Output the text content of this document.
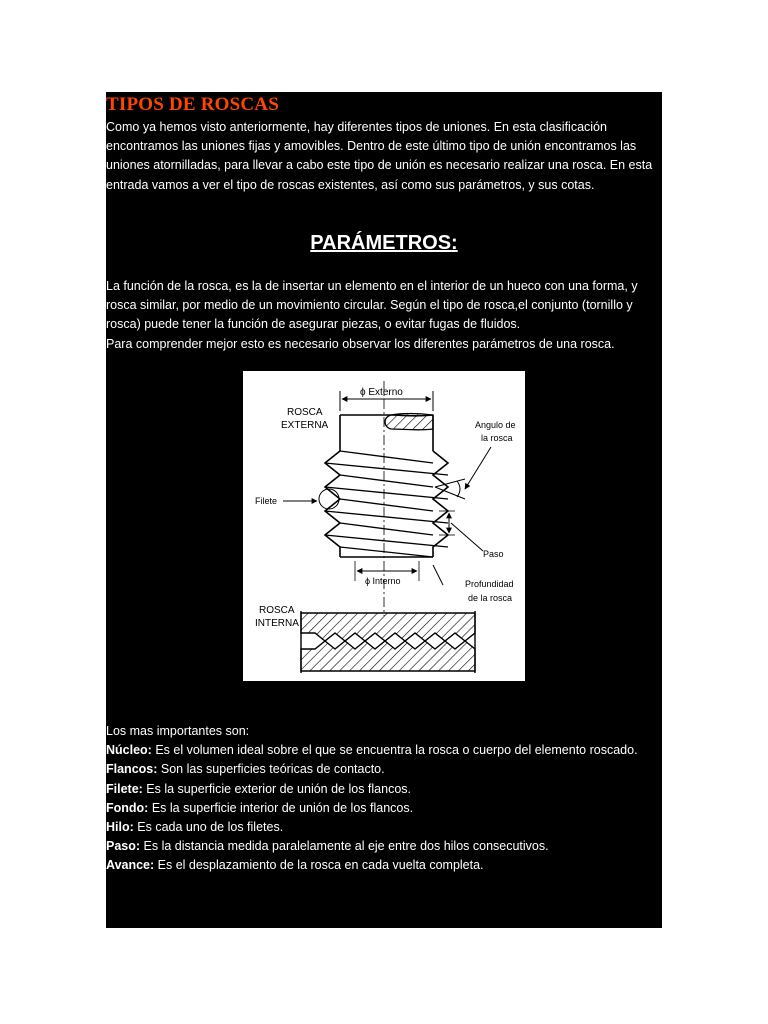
TIPOS DE ROSCAS

Como ya hemos visto anteriormente, hay diferentes tipos de uniones. En esta clasificación encontramos las uniones fijas y amovibles. Dentro de este último tipo de unión encontramos las uniones atornilladas, para llevar a cabo este tipo de unión es necesario realizar una rosca. En esta entrada vamos a ver el tipo de roscas existentes, así como sus parámetros, y sus cotas.

PARÁMETROS:

La función de la rosca, es la de insertar un elemento en el interior de un hueco con una forma, y rosca similar, por medio de un movimiento circular. Según el tipo de rosca,el conjunto (tornillo y rosca) puede tener la función de asegurar piezas, o evitar fugas de fluidos.

Para comprender mejor esto es necesario observar los diferentes parámetros de una rosca.

ϕ Externo
ROSCA
EXTERNA	Angulo de
la rosca
Filete
Paso
ϕ Interno	Profundidad
de la rosca
ROSCA
INTERNA

Los mas importantes son:

Núcleo: Es el volumen ideal sobre el que se encuentra la rosca o cuerpo del elemento roscado.

Flancos: Son las superficies teóricas de contacto.

Filete: Es la superficie exterior de unión de los flancos.

Fondo: Es la superficie interior de unión de los flancos.

Hilo: Es cada uno de los filetes.

Paso: Es la distancia medida paralelamente al eje entre dos hilos consecutivos.

Avance: Es el desplazamiento de la rosca en cada vuelta completa.
